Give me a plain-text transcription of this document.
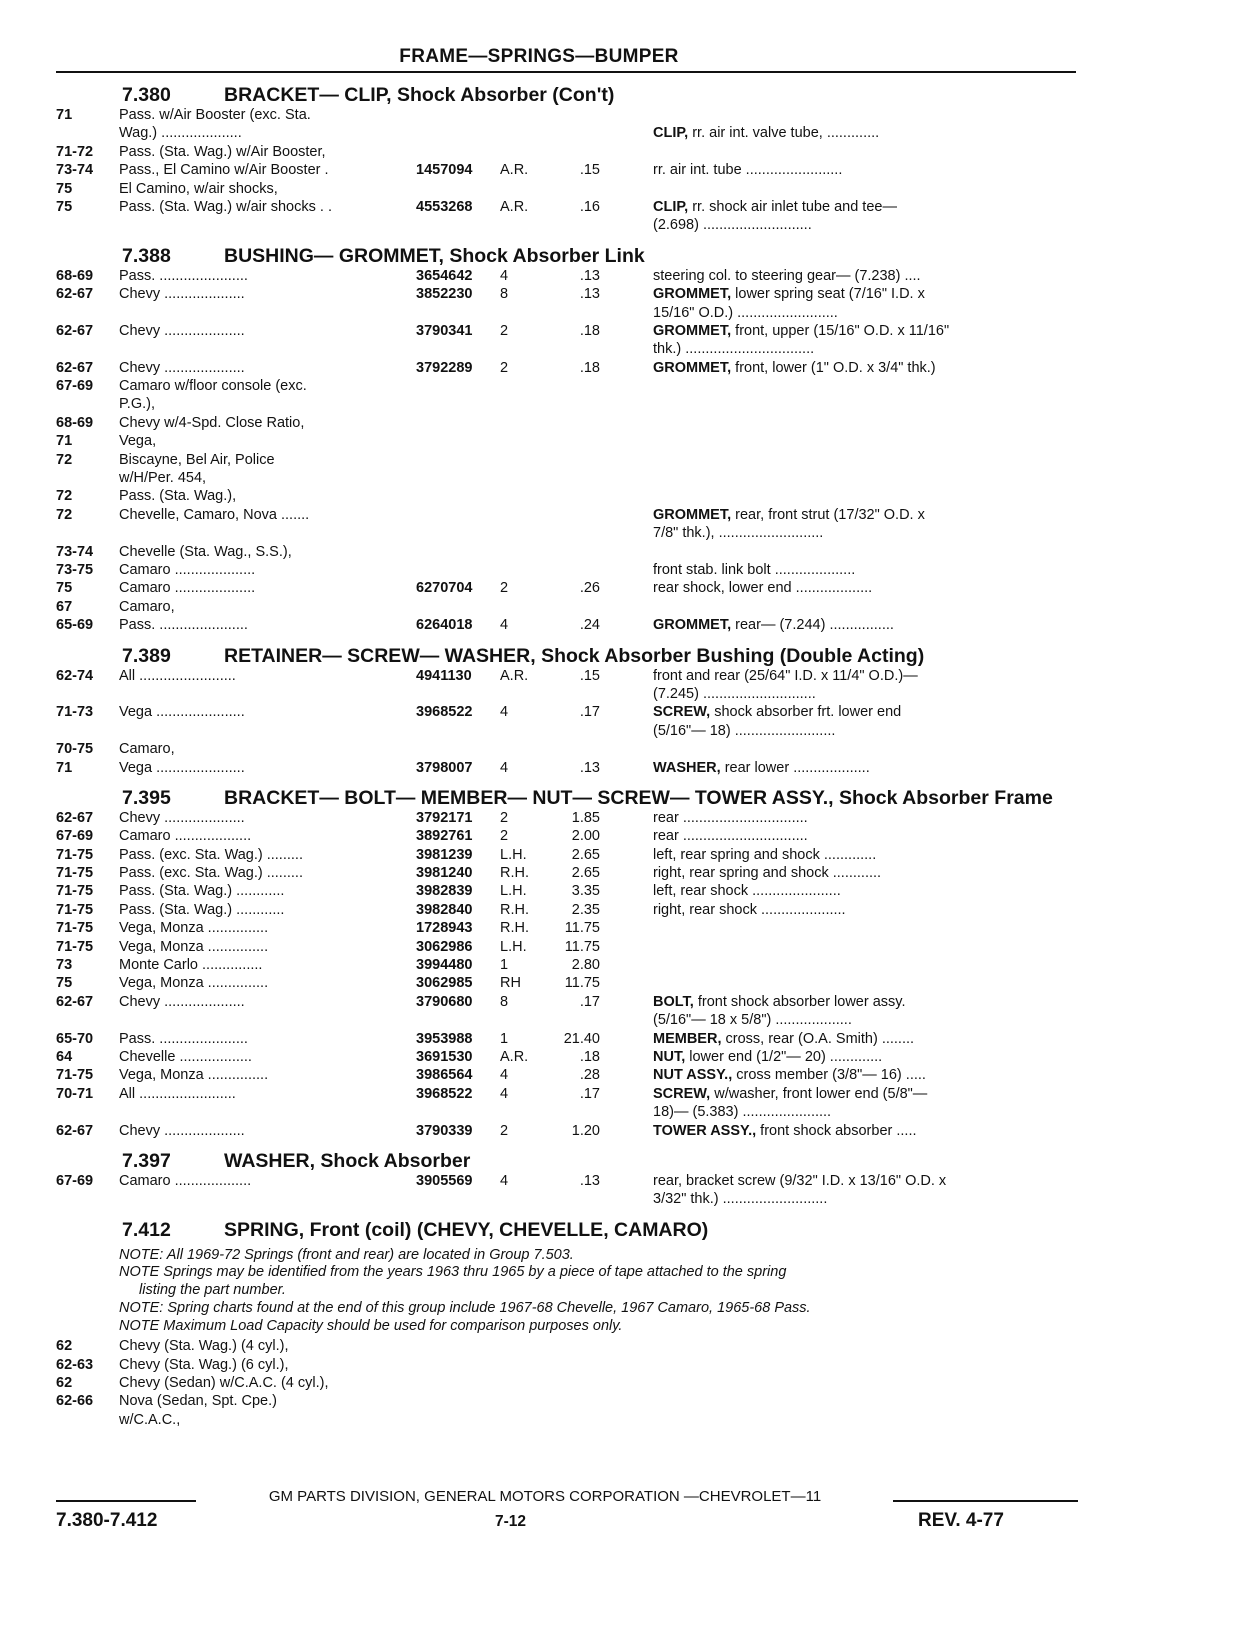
FRAME—SPRINGS—BUMPER
7.380	BRACKET— CLIP, Shock Absorber (Con't)
71	Pass. w/Air Booster (exc. Sta.
Wag.) ....................	CLIP, rr. air int. valve tube, .............
71-72 Pass. (Sta. Wag.) w/Air Booster,
73-74 Pass., El Camino w/Air Booster .	1457094 A.R.	.15	rr. air int. tube ........................
75	El Camino, w/air shocks,
75	Pass. (Sta. Wag.) w/air shocks . .	4553268 A.R.	.16	CLIP, rr. shock air inlet tube and tee—
(2.698) ...........................
7.388	BUSHING— GROMMET, Shock Absorber Link
68-69 Pass. ......................	3654642 4	.13	steering col. to steering gear— (7.238) ....
62-67 Chevy ....................	3852230 8	.13	GROMMET, lower spring seat (7/16" I.D. x
15/16" O.D.) .........................
62-67 Chevy ....................	3790341 2	.18	GROMMET, front, upper (15/16" O.D. x 11/16"
thk.) ................................
62-67 Chevy ....................	3792289 2	.18	GROMMET, front, lower (1" O.D. x 3/4" thk.)
67-69 Camaro w/floor console (exc.
P.G.),
68-69 Chevy w/4-Spd. Close Ratio,
71	Vega,
72	Biscayne, Bel Air, Police
w/H/Per. 454,
72	Pass. (Sta. Wag.),
72	Chevelle, Camaro, Nova .......	GROMMET, rear, front strut (17/32" O.D. x
7/8" thk.), ..........................
73-74 Chevelle (Sta. Wag., S.S.),
73-75 Camaro ....................	front stab. link bolt ....................
75	Camaro ....................	6270704 2	.26	rear shock, lower end ...................
67	Camaro,
65-69 Pass. ......................	6264018 4	.24	GROMMET, rear— (7.244) ................
7.389	RETAINER— SCREW— WASHER, Shock Absorber Bushing (Double Acting)
62-74 All ........................	4941130 A.R.	.15	front and rear (25/64" I.D. x 11/4" O.D.)—
(7.245) ............................
71-73 Vega ......................	3968522 4	.17	SCREW, shock absorber frt. lower end
(5/16"— 18) .........................
70-75 Camaro,
71	Vega ......................	3798007 4	.13	WASHER, rear lower ...................
7.395	BRACKET— BOLT— MEMBER— NUT— SCREW— TOWER ASSY., Shock Absorber Frame
62-67 Chevy ....................	3792171 2	1.85	rear ...............................
67-69 Camaro ...................	3892761 2	2.00	rear ...............................
71-75 Pass. (exc. Sta. Wag.) .........	3981239 L.H.	2.65	left, rear spring and shock .............
71-75 Pass. (exc. Sta. Wag.) .........	3981240 R.H.	2.65	right, rear spring and shock ............
71-75 Pass. (Sta. Wag.) ............	3982839 L.H.	3.35	left, rear shock ......................
71-75 Pass. (Sta. Wag.) ............	3982840 R.H.	2.35	right, rear shock .....................
71-75 Vega, Monza ...............	1728943 R.H.	11.75
71-75 Vega, Monza ...............	3062986 L.H.	11.75
73	Monte Carlo ...............	3994480 1	2.80
75	Vega, Monza ...............	3062985 RH	11.75
62-67 Chevy ....................	3790680 8	.17	BOLT, front shock absorber lower assy.
(5/16"— 18 x 5/8") ...................
65-70 Pass. ......................	3953988 1	21.40	MEMBER, cross, rear (O.A. Smith) ........
64	Chevelle ..................	3691530 A.R.	.18	NUT, lower end (1/2"— 20) .............
71-75 Vega, Monza ...............	3986564 4	.28	NUT ASSY., cross member (3/8"— 16) .....
70-71 All ........................	3968522 4	.17	SCREW, w/washer, front lower end (5/8"—
18)— (5.383) ......................
62-67 Chevy ....................	3790339 2	1.20	TOWER ASSY., front shock absorber .....
7.397	WASHER, Shock Absorber
67-69 Camaro ...................	3905569 4	.13	rear, bracket screw (9/32" I.D. x 13/16" O.D. x
3/32" thk.) ..........................
7.412	SPRING, Front (coil) (CHEVY, CHEVELLE, CAMARO)
NOTE: All 1969-72 Springs (front and rear) are located in Group 7.503.
NOTE Springs may be identified from the years 1963 thru 1965 by a piece of tape attached to the spring
listing the part number.
NOTE: Spring charts found at the end of this group include 1967-68 Chevelle, 1967 Camaro, 1965-68 Pass.
NOTE Maximum Load Capacity should be used for comparison purposes only.
62	Chevy (Sta. Wag.) (4 cyl.),
62-63 Chevy (Sta. Wag.) (6 cyl.),
62	Chevy (Sedan) w/C.A.C. (4 cyl.),
62-66 Nova (Sedan, Spt. Cpe.)
w/C.A.C.,
GM PARTS DIVISION, GENERAL MOTORS CORPORATION —CHEVROLET—11
7.380-7.412	7-12	REV. 4-77
